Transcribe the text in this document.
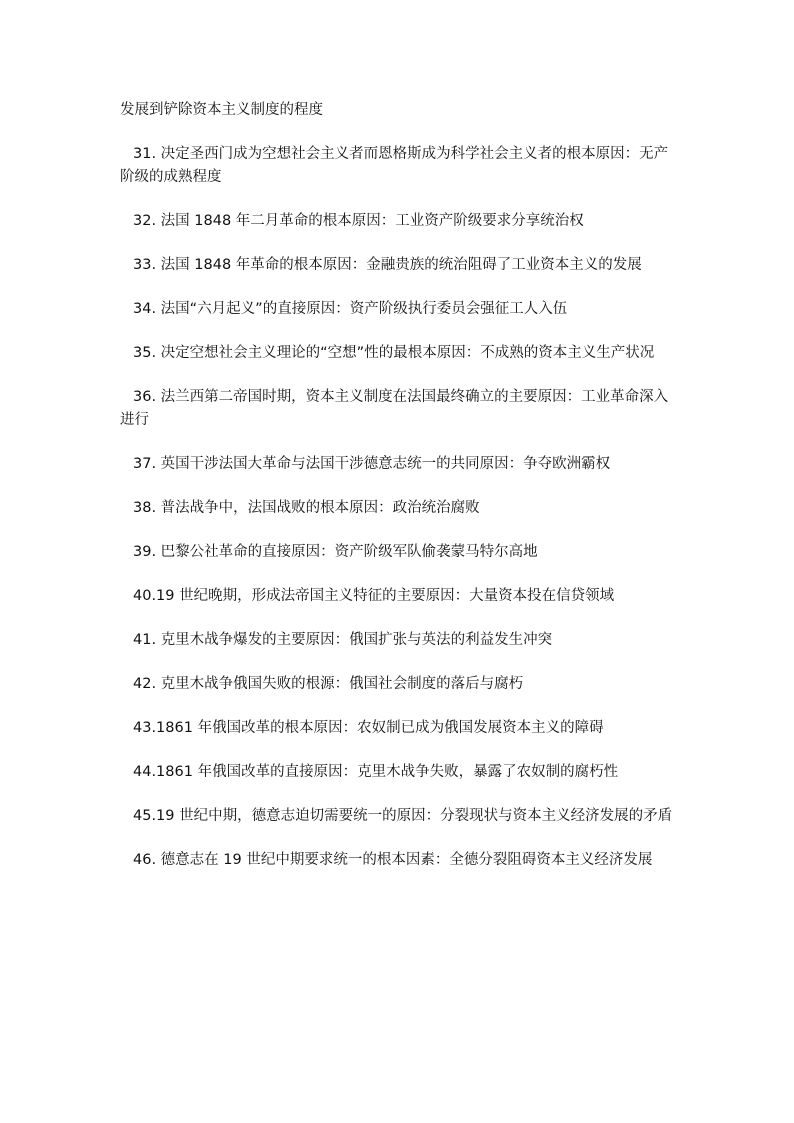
发展到铲除资本主义制度的程度

31. 决定圣西门成为空想社会主义者而恩格斯成为科学社会主义者的根本原因：无产阶级的成熟程度

32. 法国 1848 年二月革命的根本原因：工业资产阶级要求分享统治权

33. 法国 1848 年革命的根本原因：金融贵族的统治阻碍了工业资本主义的发展

34. 法国“六月起义”的直接原因：资产阶级执行委员会强征工人入伍

35. 决定空想社会主义理论的“空想”性的最根本原因：不成熟的资本主义生产状况

36. 法兰西第二帝国时期，资本主义制度在法国最终确立的主要原因：工业革命深入进行

37. 英国干涉法国大革命与法国干涉德意志统一的共同原因：争夺欧洲霸权

38. 普法战争中，法国战败的根本原因：政治统治腐败

39. 巴黎公社革命的直接原因：资产阶级军队偷袭蒙马特尔高地

40.19 世纪晚期，形成法帝国主义特征的主要原因：大量资本投在信贷领域

41. 克里木战争爆发的主要原因：俄国扩张与英法的利益发生冲突

42. 克里木战争俄国失败的根源：俄国社会制度的落后与腐朽

43.1861 年俄国改革的根本原因：农奴制已成为俄国发展资本主义的障碍

44.1861 年俄国改革的直接原因：克里木战争失败，暴露了农奴制的腐朽性

45.19 世纪中期，德意志迫切需要统一的原因：分裂现状与资本主义经济发展的矛盾

46. 德意志在 19 世纪中期要求统一的根本因素：全德分裂阻碍资本主义经济发展
